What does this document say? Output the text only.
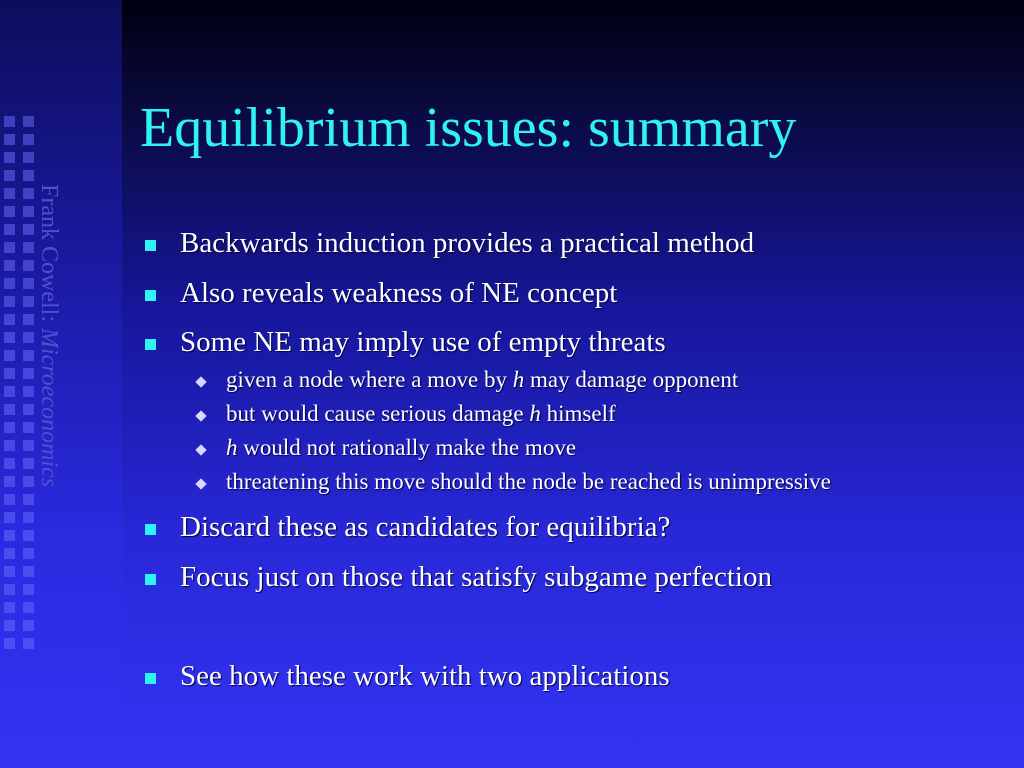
Frank Cowell: Microeconomics
Equilibrium issues: summary
Backwards induction provides a practical method
Also reveals weakness of NE concept
Some NE may imply use of empty threats
given a node where a move by h may damage opponent
but would cause serious damage h himself
h would not rationally make the move
threatening this move should the node be reached is unimpressive
Discard these as candidates for equilibria?
Focus just on those that satisfy subgame perfection
See how these work with two applications
